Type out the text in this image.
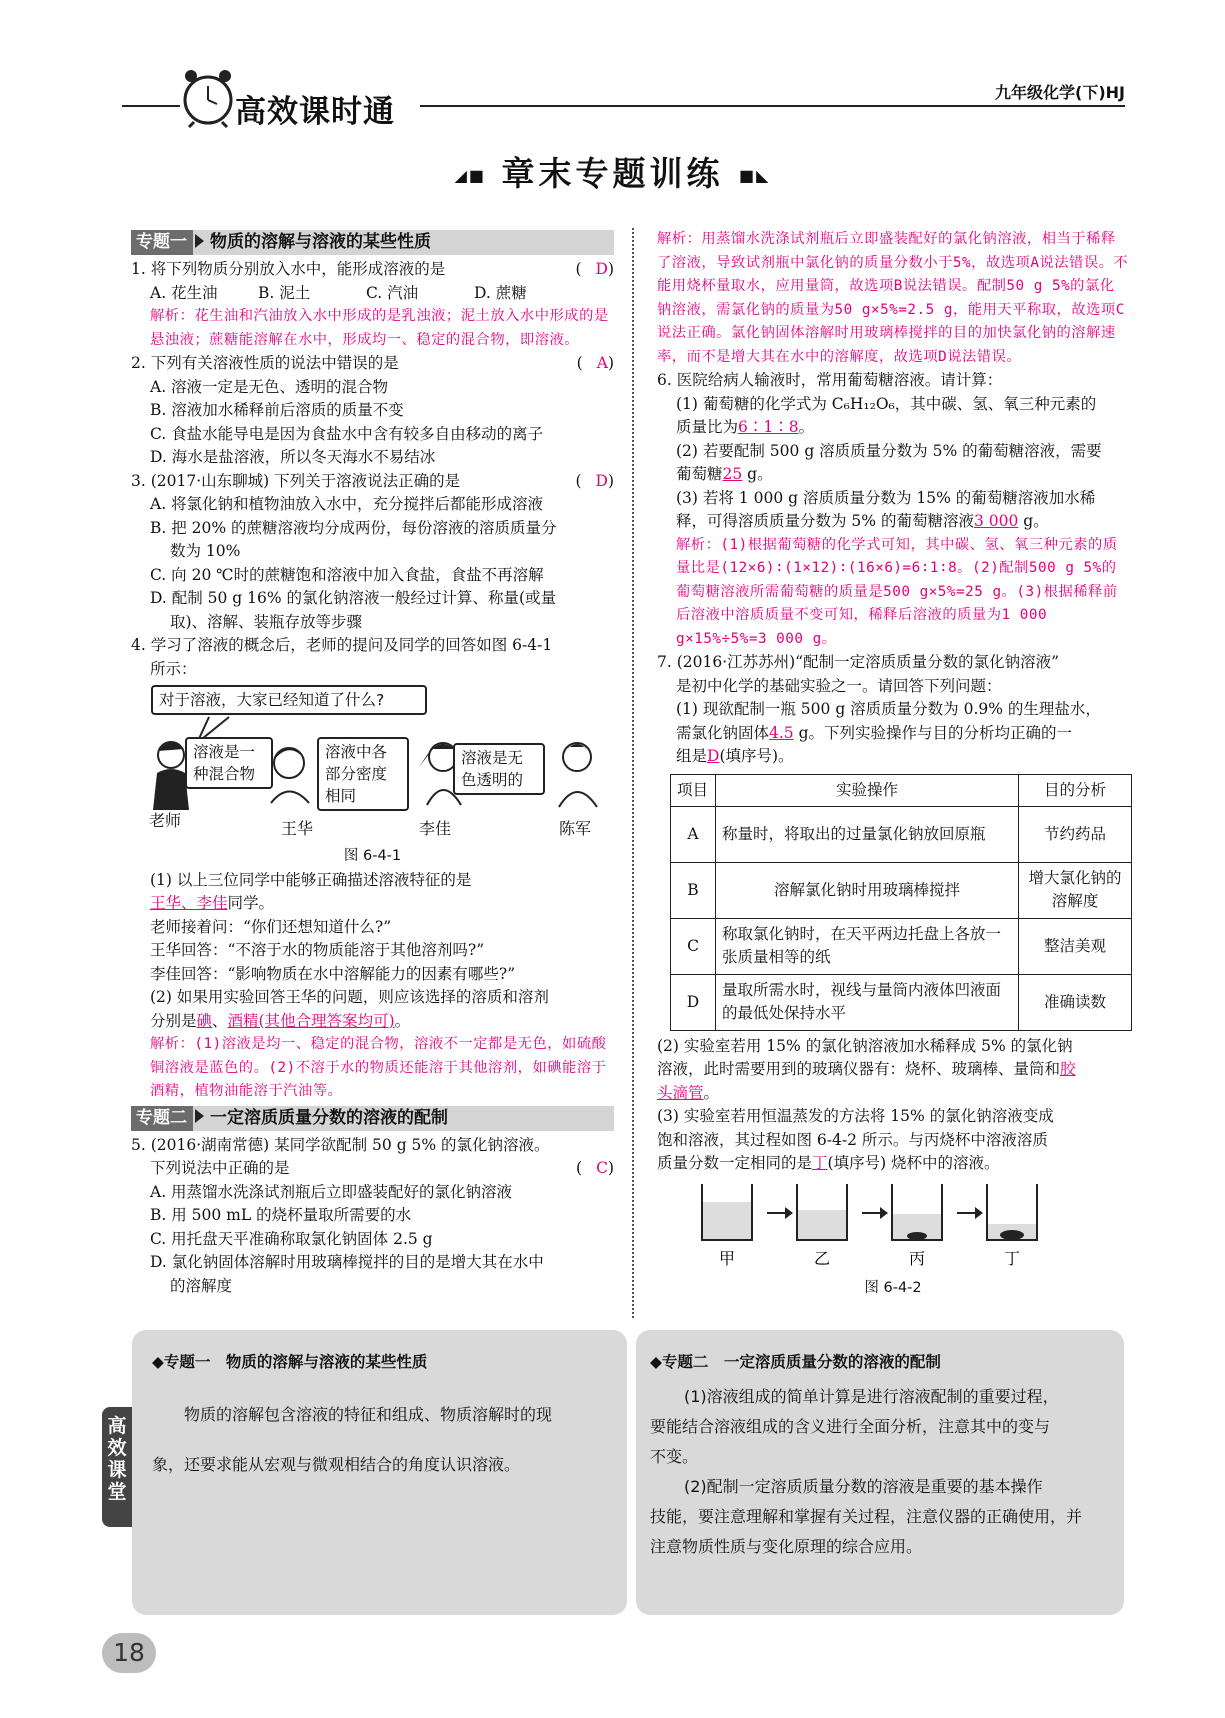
高效课时通
九年级化学(下)HJ
◢■ 章末专题训练 ■◣
专题一 物质的溶解与溶液的某些性质
(D)
1. 将下列物质分别放入水中，能形成溶液的是
A. 花生油	B. 泥土	C. 汽油	D. 蔗糖
解析：花生油和汽油放入水中形成的是乳浊液；泥土放入水中形成的是悬浊液；蔗糖能溶解在水中，形成均一、稳定的混合物，即溶液。
(A)
2. 下列有关溶液性质的说法中错误的是
A. 溶液一定是无色、透明的混合物
B. 溶液加水稀释前后溶质的质量不变
C. 食盐水能导电是因为食盐水中含有较多自由移动的离子
D. 海水是盐溶液，所以冬天海水不易结冰
(D)
3. (2017·山东聊城) 下列关于溶液说法正确的是
A. 将氯化钠和植物油放入水中，充分搅拌后都能形成溶液
B. 把 20% 的蔗糖溶液均分成两份，每份溶液的溶质质量分
数为 10%
C. 向 20 ℃时的蔗糖饱和溶液中加入食盐，食盐不再溶解
D. 配制 50 g 16% 的氯化钠溶液一般经过计算、称量(或量
取)、溶解、装瓶存放等步骤
4. 学习了溶液的概念后，老师的提问及同学的回答如图 6-4-1
所示：
对于溶液，大家已经知道了什么?
溶液是一种混合物
溶液中各部分密度相同
溶液是无色透明的
老师	王华	李佳	陈军
图 6-4-1
(1) 以上三位同学中能够正确描述溶液特征的是
王华、李佳同学。
老师接着问：“你们还想知道什么?”
王华回答：“不溶于水的物质能溶于其他溶剂吗?”
李佳回答：“影响物质在水中溶解能力的因素有哪些?”
(2) 如果用实验回答王华的问题，则应该选择的溶质和溶剂
分别是碘、酒精(其他合理答案均可)。
解析：(1)溶液是均一、稳定的混合物，溶液不一定都是无色，如硫酸铜溶液是蓝色的。(2)不溶于水的物质还能溶于其他溶剂，如碘能溶于酒精，植物油能溶于汽油等。
专题二 一定溶质质量分数的溶液的配制
5. (2016·湖南常德) 某同学欲配制 50 g 5% 的氯化钠溶液。
(C)
下列说法中正确的是
A. 用蒸馏水洗涤试剂瓶后立即盛装配好的氯化钠溶液
B. 用 500 mL 的烧杯量取所需要的水
C. 用托盘天平准确称取氯化钠固体 2.5 g
D. 氯化钠固体溶解时用玻璃棒搅拌的目的是增大其在水中
的溶解度
解析：用蒸馏水洗涤试剂瓶后立即盛装配好的氯化钠溶液，相当于稀释了溶液，导致试剂瓶中氯化钠的质量分数小于5%，故选项A说法错误。不能用烧杯量取水，应用量筒，故选项B说法错误。配制50 g 5%的氯化钠溶液，需氯化钠的质量为50 g×5%=2.5 g，能用天平称取，故选项C说法正确。氯化钠固体溶解时用玻璃棒搅拌的目的加快氯化钠的溶解速率，而不是增大其在水中的溶解度，故选项D说法错误。
6. 医院给病人输液时，常用葡萄糖溶液。请计算：
(1) 葡萄糖的化学式为 C₆H₁₂O₆，其中碳、氢、氧三种元素的
质量比为6∶1∶8。
(2) 若要配制 500 g 溶质质量分数为 5% 的葡萄糖溶液，需要
葡萄糖25 g。
(3) 若将 1 000 g 溶质质量分数为 15% 的葡萄糖溶液加水稀
释，可得溶质质量分数为 5% 的葡萄糖溶液3 000 g。
解析：(1)根据葡萄糖的化学式可知，其中碳、氢、氧三种元素的质量比是(12×6)∶(1×12)∶(16×6)=6∶1∶8。(2)配制500 g 5%的葡萄糖溶液所需葡萄糖的质量是500 g×5%=25 g。(3)根据稀释前后溶液中溶质质量不变可知，稀释后溶液的质量为1 000 g×15%÷5%=3 000 g。
7. (2016·江苏苏州)“配制一定溶质质量分数的氯化钠溶液”
是初中化学的基础实验之一。请回答下列问题：
(1) 现欲配制一瓶 500 g 溶质质量分数为 0.9% 的生理盐水，
需氯化钠固体4.5 g。下列实验操作与目的分析均正确的一
组是D(填序号)。
项目	实验操作	目的分析
A	称量时，将取出的过量氯化钠放回原瓶	节约药品
B	溶解氯化钠时用玻璃棒搅拌	增大氯化钠的溶解度
C	称取氯化钠时，在天平两边托盘上各放一张质量相等的纸	整洁美观
D	量取所需水时，视线与量筒内液体凹液面的最低处保持水平	准确读数
(2) 实验室若用 15% 的氯化钠溶液加水稀释成 5% 的氯化钠
溶液，此时需要用到的玻璃仪器有：烧杯、玻璃棒、量筒和胶
头滴管。
(3) 实验室若用恒温蒸发的方法将 15% 的氯化钠溶液变成
饱和溶液，其过程如图 6-4-2 所示。与丙烧杯中溶液溶质
质量分数一定相同的是丁(填序号) 烧杯中的溶液。
甲	乙	丙	丁
图 6-4-2
◆专题一　物质的溶解与溶液的某些性质
物质的溶解包含溶液的特征和组成、物质溶解时的现
象，还要求能从宏观与微观相结合的角度认识溶液。
◆专题二　一定溶质质量分数的溶液的配制
(1)溶液组成的简单计算是进行溶液配制的重要过程，
要能结合溶液组成的含义进行全面分析，注意其中的变与
不变。
(2)配制一定溶质质量分数的溶液是重要的基本操作
技能，要注意理解和掌握有关过程，注意仪器的正确使用，并
注意物质性质与变化原理的综合应用。
高效课堂
18
